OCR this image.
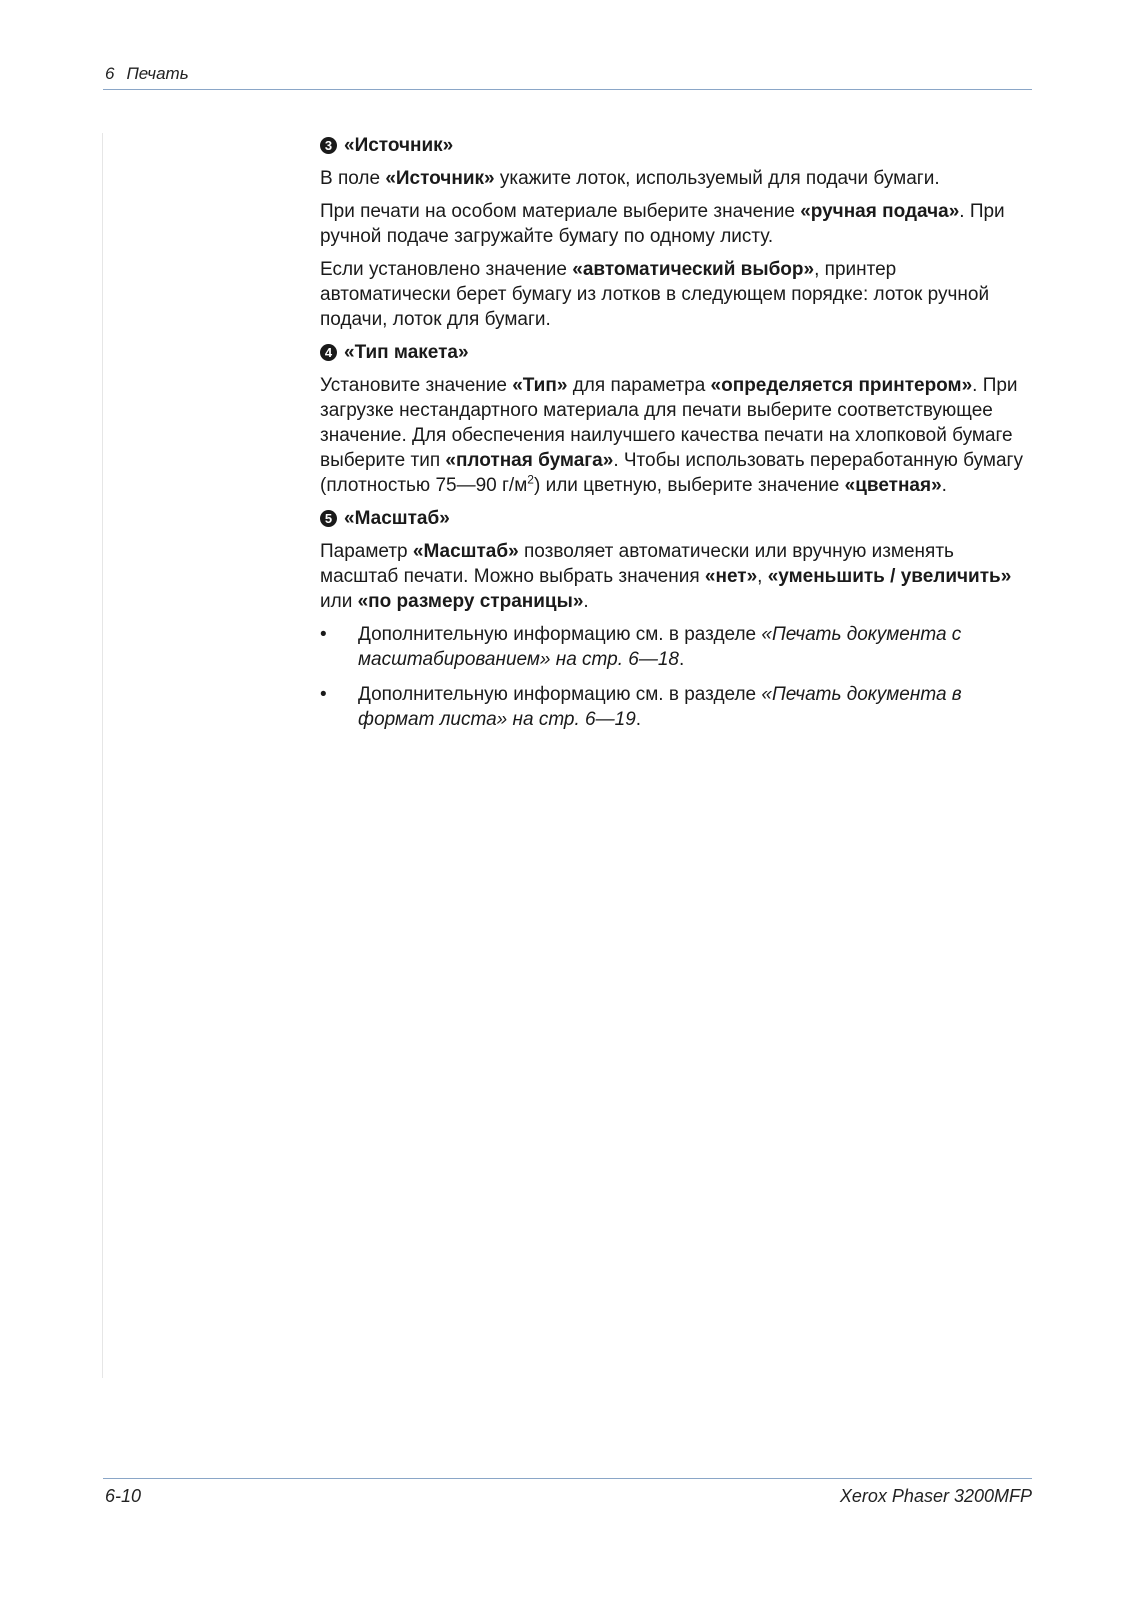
6 Печать
3 «Источник»

В поле «Источник» укажите лоток, используемый для подачи бумаги.

При печати на особом материале выберите значение «ручная подача». При ручной подаче загружайте бумагу по одному листу.

Если установлено значение «автоматический выбор», принтер автоматически берет бумагу из лотков в следующем порядке: лоток ручной подачи, лоток для бумаги.

4 «Тип макета»

Установите значение «Тип» для параметра «определяется принтером». При загрузке нестандартного материала для печати выберите соответствующее значение. Для обеспечения наилучшего качества печати на хлопковой бумаге выберите тип «плотная бумага». Чтобы использовать переработанную бумагу (плотностью 75—90 $г/м^2$) или цветную, выберите значение «цветная».

5 «Масштаб»

Параметр «Масштаб» позволяет автоматически или вручную изменять масштаб печати. Можно выбрать значения «нет», «уменьшить / увеличить» или «по размеру страницы».

• Дополнительную информацию см. в разделе «Печать документа с масштабированием» на стр. 6—18.
• Дополнительную информацию см. в разделе «Печать документа в формат листа» на стр. 6—19.
6-10	Xerox Phaser 3200MFP
